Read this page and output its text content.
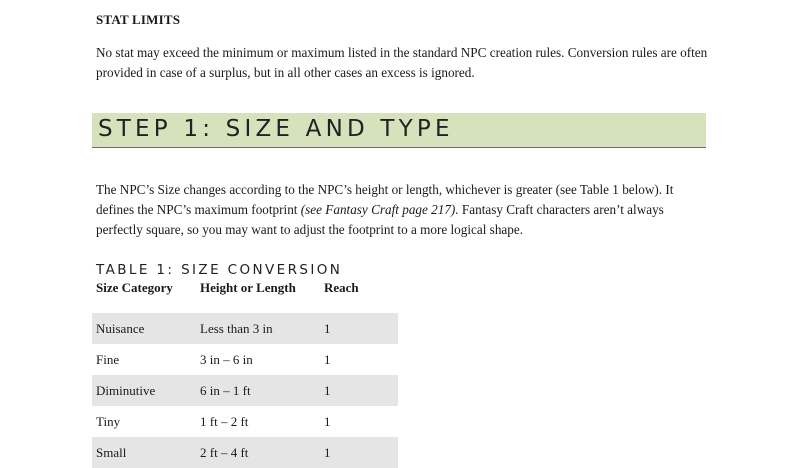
STAT LIMITS
No stat may exceed the minimum or maximum listed in the standard NPC creation rules. Conversion rules are often provided in case of a surplus, but in all other cases an excess is ignored.
STEP 1: SIZE AND TYPE
The NPC’s Size changes according to the NPC’s height or length, whichever is greater (see Table 1 below). It defines the NPC’s maximum footprint (see Fantasy Craft page 217). Fantasy Craft characters aren’t always perfectly square, so you may want to adjust the footprint to a more logical shape.
TABLE 1: SIZE CONVERSION
Size Category	Height or Length	Reach

Nuisance	Less than 3 in	1
Fine	3 in – 6 in	1
Diminutive	6 in – 1 ft	1
Tiny	1 ft – 2 ft	1
Small	2 ft – 4 ft	1
